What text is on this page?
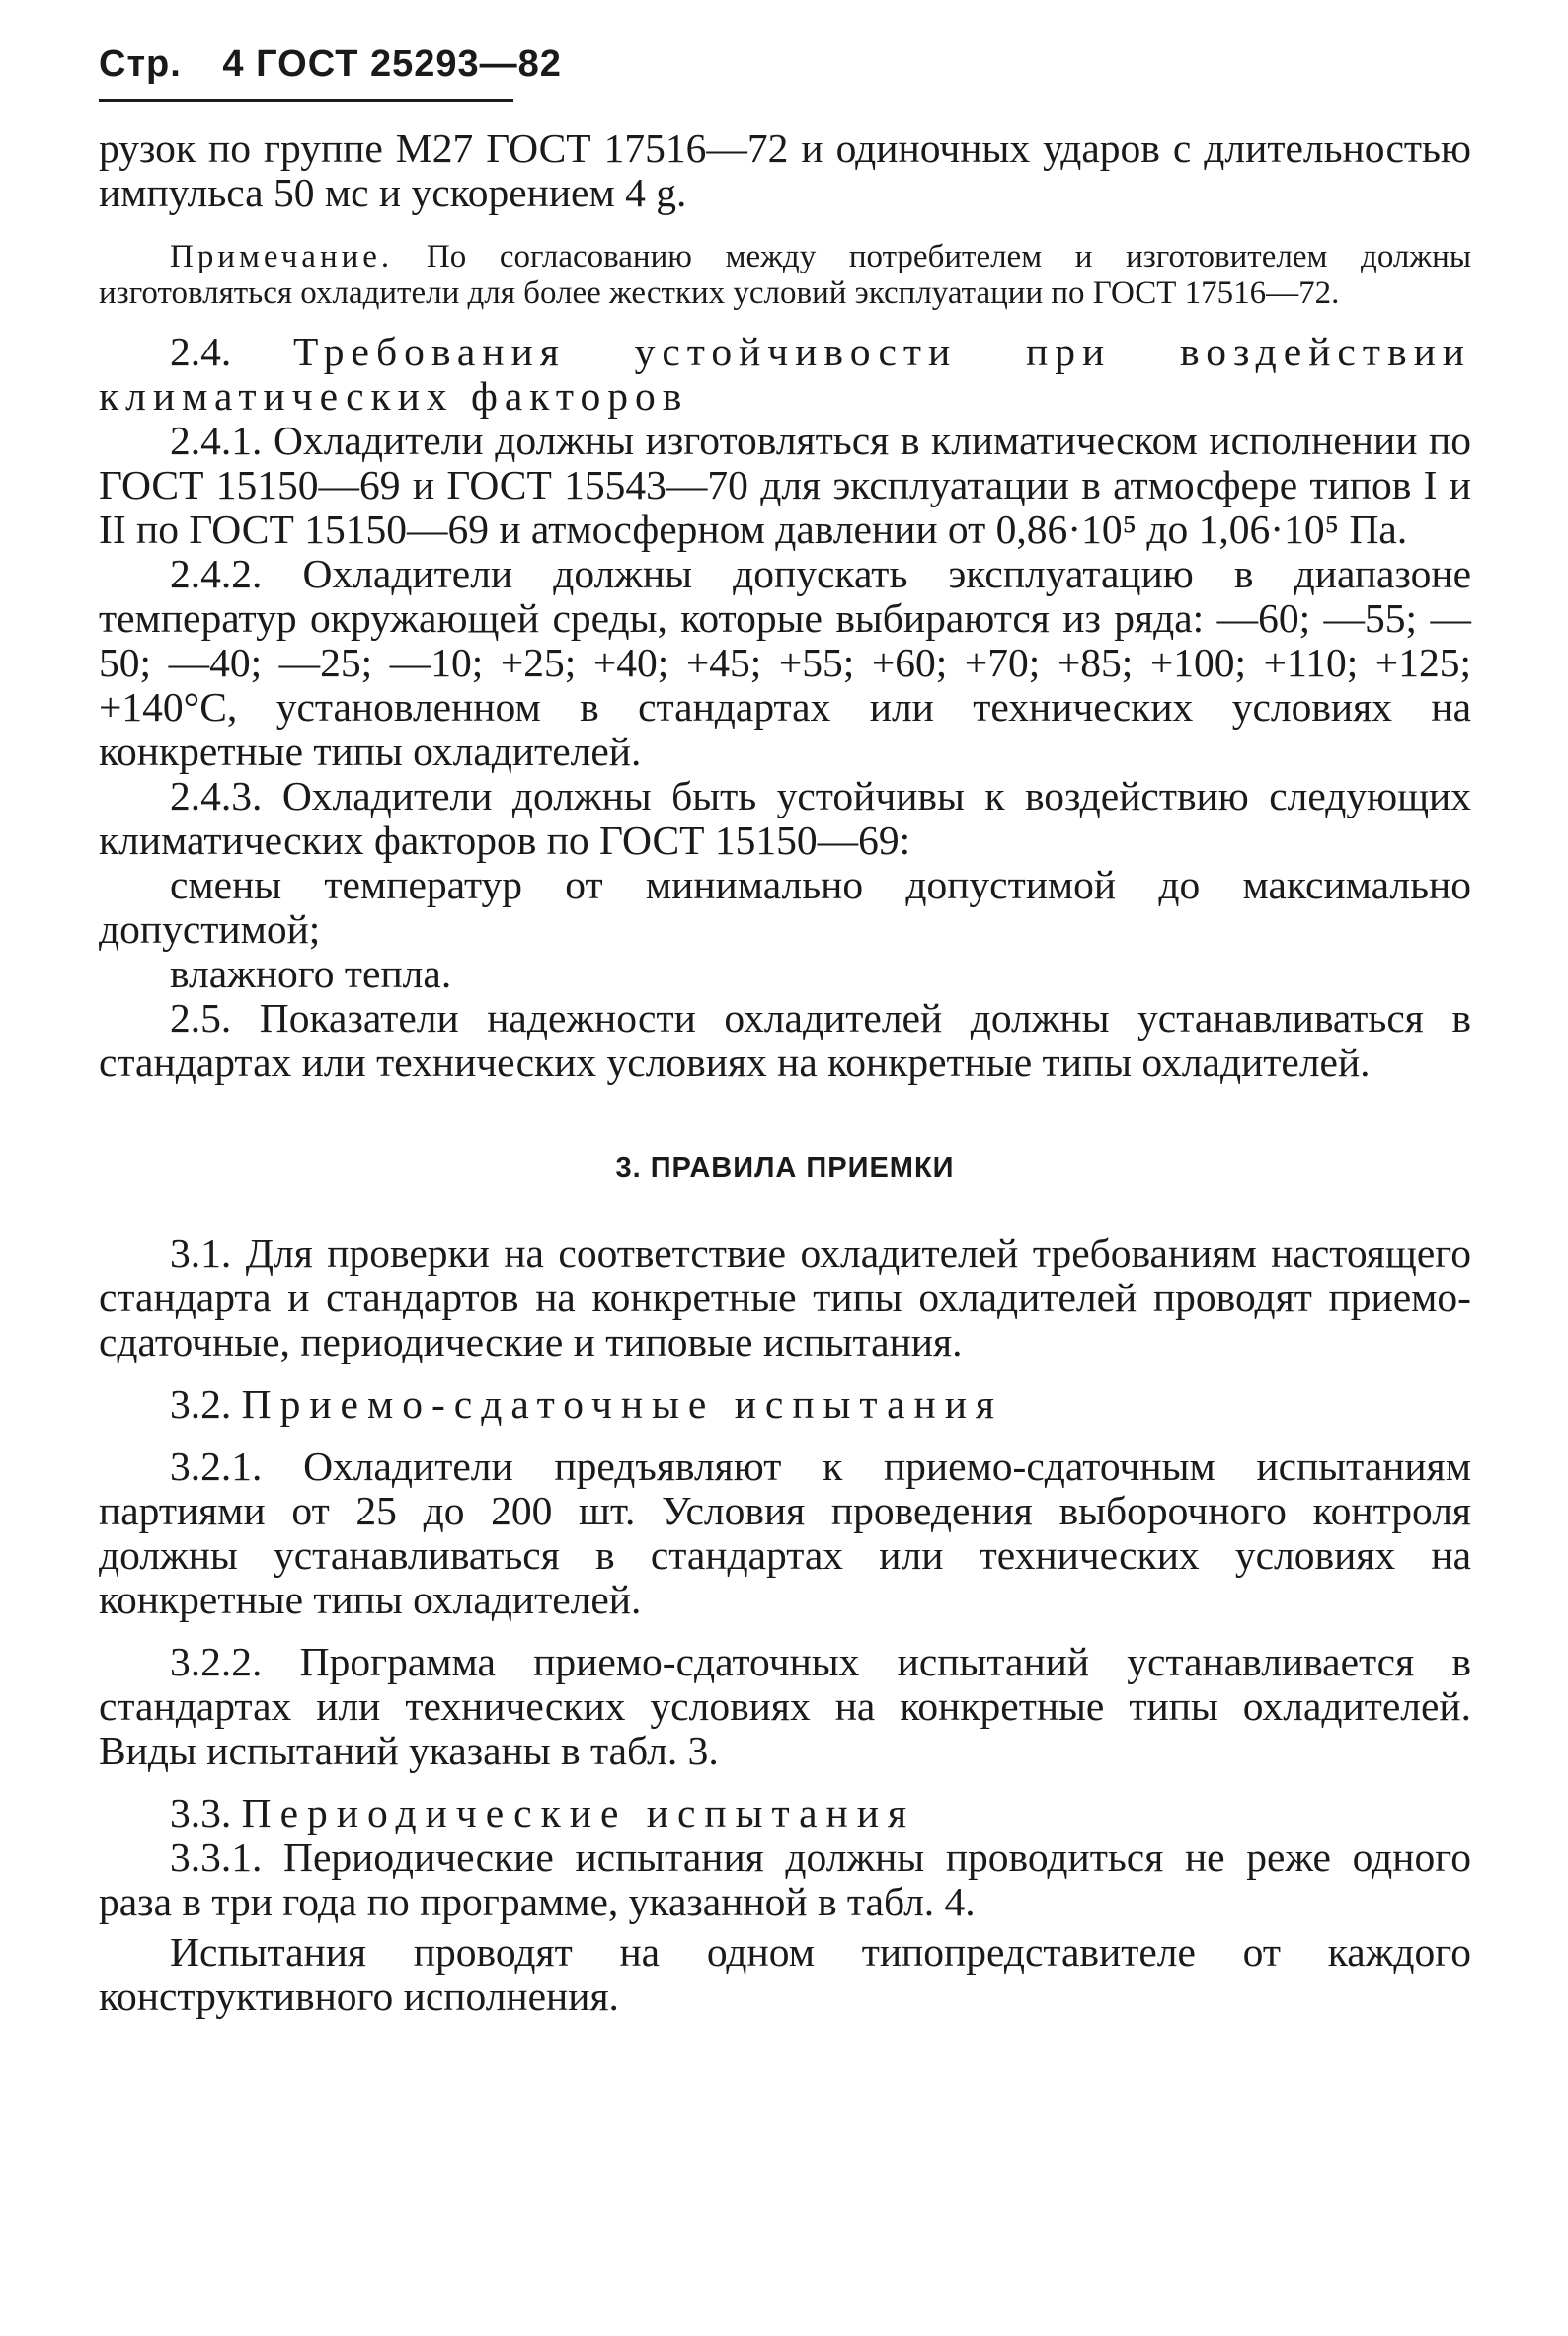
Стр. 4 ГОСТ 25293—82

рузок по группе М27 ГОСТ 17516—72 и одиночных ударов с длительностью импульса 50 мс и ускорением 4 g.

Примечание. По согласованию между потребителем и изготовителем должны изготовляться охладители для более жестких условий эксплуатации по ГОСТ 17516—72.

2.4. Требования устойчивости при воздействии климатических факторов

2.4.1. Охладители должны изготовляться в климатическом исполнении по ГОСТ 15150—69 и ГОСТ 15543—70 для эксплуатации в атмосфере типов I и II по ГОСТ 15150—69 и атмосферном давлении от 0,86·10⁵ до 1,06·10⁵ Па.

2.4.2. Охладители должны допускать эксплуатацию в диапазоне температур окружающей среды, которые выбираются из ряда: —60; —55; —50; —40; —25; —10; +25; +40; +45; +55; +60; +70; +85; +100; +110; +125; +140°С, установленном в стандартах или технических условиях на конкретные типы охладителей.

2.4.3. Охладители должны быть устойчивы к воздействию следующих климатических факторов по ГОСТ 15150—69:

смены температур от минимально допустимой до максимально допустимой;

влажного тепла.

2.5. Показатели надежности охладителей должны устанавливаться в стандартах или технических условиях на конкретные типы охладителей.

3. ПРАВИЛА ПРИЕМКИ

3.1. Для проверки на соответствие охладителей требованиям настоящего стандарта и стандартов на конкретные типы охладителей проводят приемо-сдаточные, периодические и типовые испытания.

3.2. Приемо-сдаточные испытания

3.2.1. Охладители предъявляют к приемо-сдаточным испытаниям партиями от 25 до 200 шт. Условия проведения выборочного контроля должны устанавливаться в стандартах или технических условиях на конкретные типы охладителей.

3.2.2. Программа приемо-сдаточных испытаний устанавливается в стандартах или технических условиях на конкретные типы охладителей. Виды испытаний указаны в табл. 3.

3.3. Периодические испытания

3.3.1. Периодические испытания должны проводиться не реже одного раза в три года по программе, указанной в табл. 4.

Испытания проводят на одном типопредставителе от каждого конструктивного исполнения.
